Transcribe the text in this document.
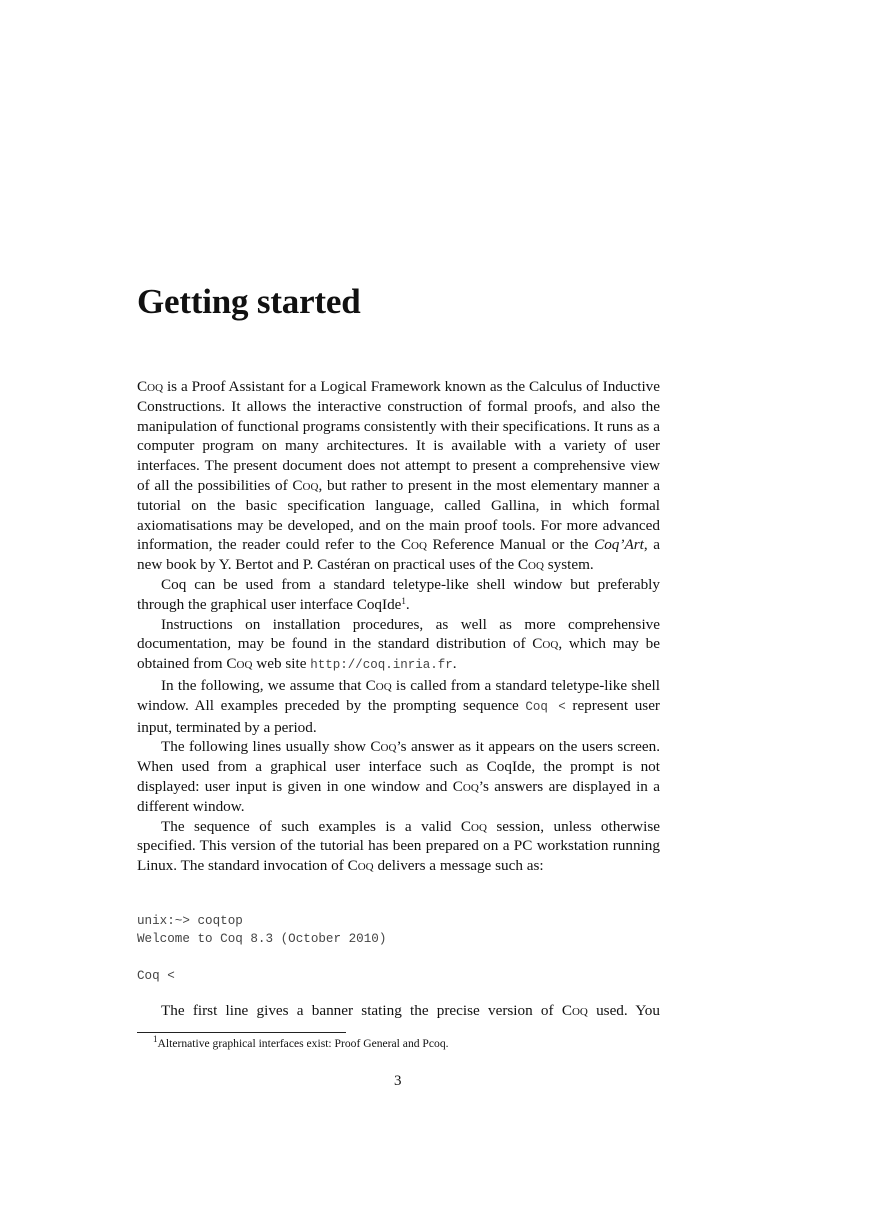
Getting started

Coq is a Proof Assistant for a Logical Framework known as the Calculus of Inductive Constructions. It allows the interactive construction of formal proofs, and also the manipulation of functional programs consistently with their specifications. It runs as a computer program on many architectures. It is available with a variety of user interfaces. The present document does not attempt to present a comprehensive view of all the possibilities of Coq, but rather to present in the most elementary manner a tutorial on the basic specification language, called Gallina, in which formal axiomatisations may be developed, and on the main proof tools. For more advanced information, the reader could refer to the Coq Reference Manual or the Coq’Art, a new book by Y. Bertot and P. Castéran on practical uses of the Coq system.

Coq can be used from a standard teletype-like shell window but preferably through the graphical user interface CoqIde$^1$.

Instructions on installation procedures, as well as more comprehensive documentation, may be found in the standard distribution of Coq, which may be obtained from Coq web site http://coq.inria.fr.

In the following, we assume that Coq is called from a standard teletype-like shell window. All examples preceded by the prompting sequence Coq < represent user input, terminated by a period.

The following lines usually show Coq’s answer as it appears on the users screen. When used from a graphical user interface such as CoqIde, the prompt is not displayed: user input is given in one window and Coq’s answers are displayed in a different window.

The sequence of such examples is a valid Coq session, unless otherwise specified. This version of the tutorial has been prepared on a PC workstation running Linux. The standard invocation of Coq delivers a message such as:

unix:~> coqtop
Welcome to Coq 8.3 (October 2010)
Coq <
The first line gives a banner stating the precise version of Coq used. You
$^1$Alternative graphical interfaces exist: Proof General and Pcoq.
3
